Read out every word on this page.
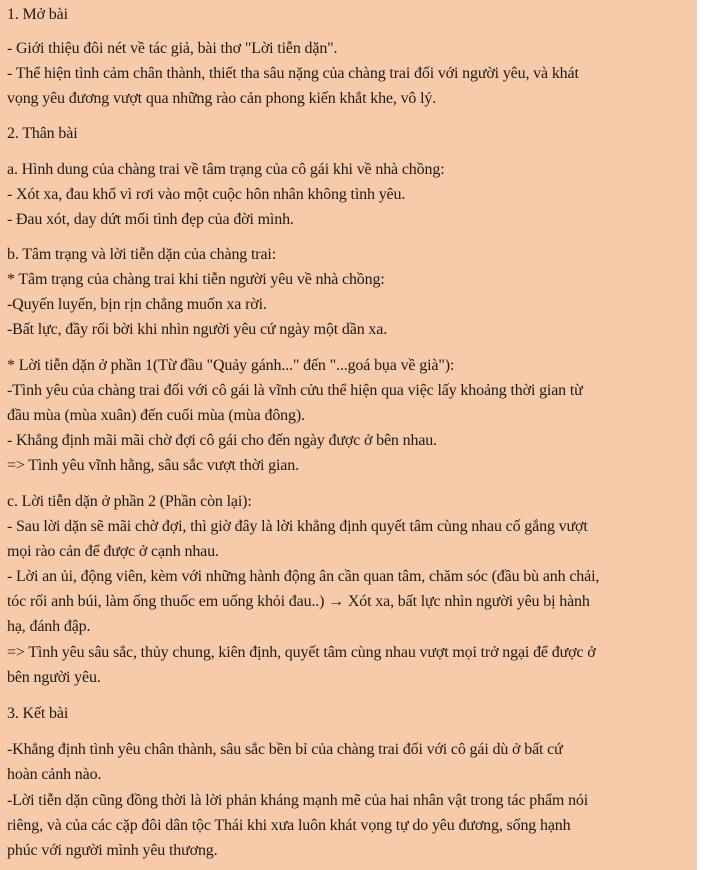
1. Mở bài
- Giới thiệu đôi nét về tác giả, bài thơ "Lời tiễn dặn".
- Thể hiện tình cảm chân thành, thiết tha sâu nặng của chàng trai đối với người yêu, và khát
vọng yêu đương vượt qua những rào cản phong kiến khắt khe, vô lý.
2. Thân bài
a. Hình dung của chàng trai về tâm trạng của cô gái khi về nhà chồng:
- Xót xa, đau khổ vì rơi vào một cuộc hôn nhân không tình yêu.
- Đau xót, day dứt mối tình đẹp của đời mình.
b. Tâm trạng và lời tiễn dặn của chàng trai:
* Tâm trạng của chàng trai khi tiễn người yêu về nhà chồng:
-Quyến luyến, bịn rịn chẳng muốn xa rời.
-Bất lực, đầy rối bời khi nhìn người yêu cứ ngày một dần xa.
* Lời tiễn dặn ở phần 1(Từ đầu "Quảy gánh..." đến "...goá bụa về già"):
-Tình yêu của chàng trai đối với cô gái là vĩnh cửu thể hiện qua việc lấy khoảng thời gian từ
đầu mùa (mùa xuân) đến cuối mùa (mùa đông).
- Khẳng định mãi mãi chờ đợi cô gái cho đến ngày được ở bên nhau.
=> Tình yêu vĩnh hằng, sâu sắc vượt thời gian.
c. Lời tiễn dặn ở phần 2 (Phần còn lại):
- Sau lời dặn sẽ mãi chờ đợi, thì giờ đây là lời khẳng định quyết tâm cùng nhau cố gắng vượt
mọi rào cản để được ở cạnh nhau.
- Lời an ủi, động viên, kèm với những hành động ân cần quan tâm, chăm sóc (đầu bù anh chải,
tóc rối anh búi, làm ống thuốc em uống khỏi đau..) → Xót xa, bất lực nhìn người yêu bị hành
hạ, đánh đập.
=> Tình yêu sâu sắc, thủy chung, kiên định, quyết tâm cùng nhau vượt mọi trở ngại để được ở
bên người yêu.
3. Kết bài
-Khẳng định tình yêu chân thành, sâu sắc bền bỉ của chàng trai đối với cô gái dù ở bất cứ
hoàn cảnh nào.
-Lời tiễn dặn cũng đồng thời là lời phản kháng mạnh mẽ của hai nhân vật trong tác phẩm nói
riêng, và của các cặp đôi dân tộc Thái khi xưa luôn khát vọng tự do yêu đương, sống hạnh
phúc với người mình yêu thương.
